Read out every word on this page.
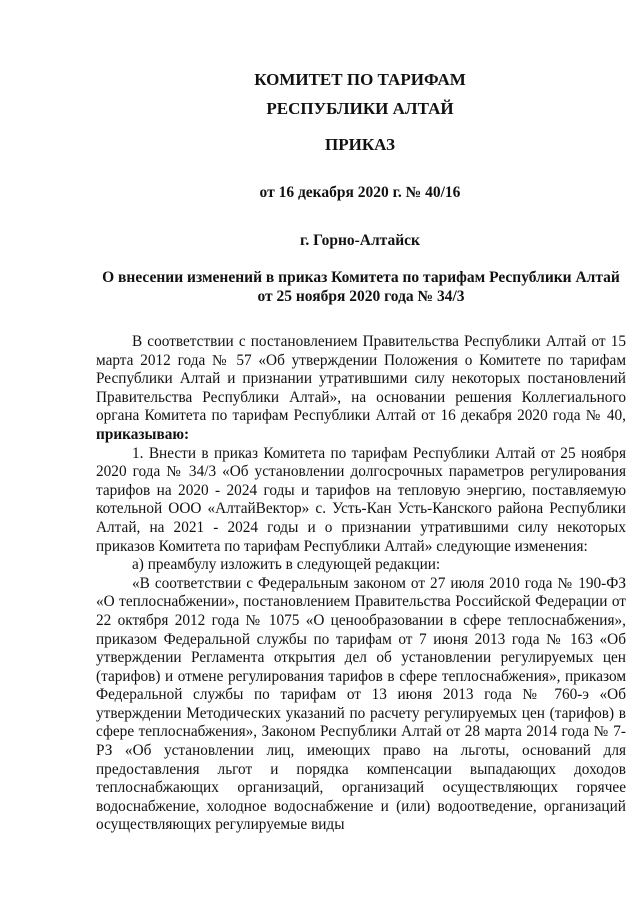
КОМИТЕТ ПО ТАРИФАМ
РЕСПУБЛИКИ АЛТАЙ
ПРИКАЗ
от 16 декабря 2020 г. № 40/16
г. Горно-Алтайск
О внесении изменений в приказ Комитета по тарифам Республики Алтай от 25 ноября 2020 года № 34/3

В соответствии с постановлением Правительства Республики Алтай от 15 марта 2012 года № 57 «Об утверждении Положения о Комитете по тарифам Республики Алтай и признании утратившими силу некоторых постановлений Правительства Республики Алтай», на основании решения Коллегиального органа Комитета по тарифам Республики Алтай от 16 декабря 2020 года № 40, приказываю:

1. Внести в приказ Комитета по тарифам Республики Алтай от 25 ноября 2020 года № 34/3 «Об установлении долгосрочных параметров регулирования тарифов на 2020 - 2024 годы и тарифов на тепловую энергию, поставляемую котельной ООО «АлтайВектор» с. Усть-Кан Усть-Канского района Республики Алтай, на 2021 - 2024 годы и о признании утратившими силу некоторых приказов Комитета по тарифам Республики Алтай» следующие изменения:

а) преамбулу изложить в следующей редакции:

«В соответствии с Федеральным законом от 27 июля 2010 года № 190-ФЗ «О теплоснабжении», постановлением Правительства Российской Федерации от 22 октября 2012 года № 1075 «О ценообразовании в сфере теплоснабжения», приказом Федеральной службы по тарифам от 7 июня 2013 года № 163 «Об утверждении Регламента открытия дел об установлении регулируемых цен (тарифов) и отмене регулирования тарифов в сфере теплоснабжения», приказом Федеральной службы по тарифам от 13 июня 2013 года № 760-э «Об утверждении Методических указаний по расчету регулируемых цен (тарифов) в сфере теплоснабжения», Законом Республики Алтай от 28 марта 2014 года № 7-РЗ «Об установлении лиц, имеющих право на льготы, оснований для предоставления льгот и порядка компенсации выпадающих доходов теплоснабжающих организаций, организаций осуществляющих горячее водоснабжение, холодное водоснабжение и (или) водоотведение, организаций осуществляющих регулируемые виды
